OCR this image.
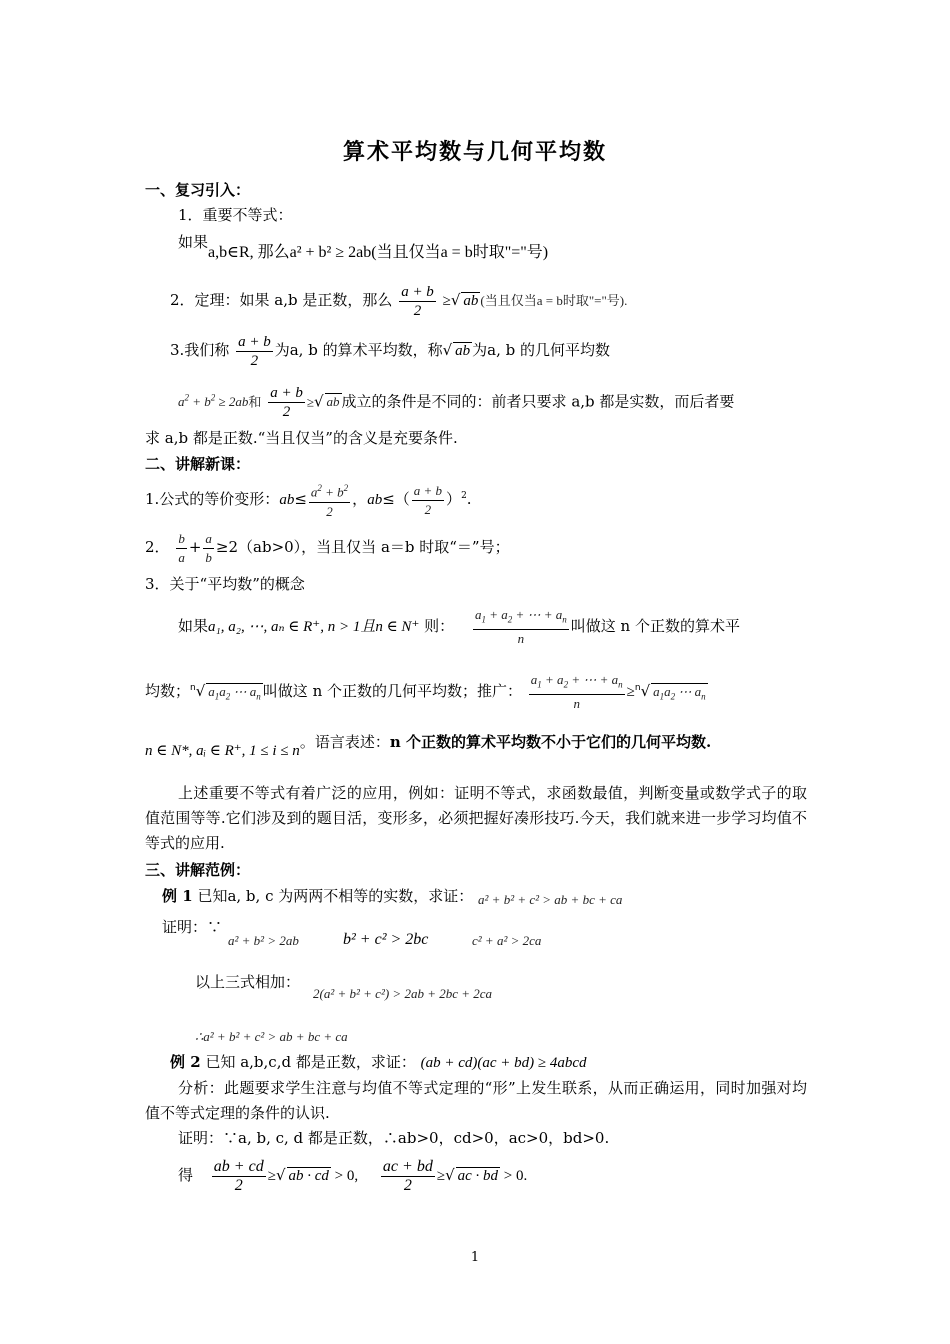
算术平均数与几何平均数
一、复习引入：
1．重要不等式：
如果a,b∈R, 那么a² + b² ≥ 2ab(当且仅当a = b时取"="号)
2．定理：如果 a,b 是正数，那么 $\frac{a + b}{2}$ ≥√ ab (当且仅当a = b时取"="号).
3.我们称 $\frac{a + b}{2}$ 为a, b 的算术平均数，称√ ab 为a, b 的几何平均数
$a^2 + b^2 \ge 2ab$和 $\frac{a + b}{2}$ ≥√ ab 成立的条件是不同的：前者只要求 a,b 都是实数，而后者要
求 a,b 都是正数.“当且仅当”的含义是充要条件.
二、讲解新课：
1.公式的等价变形：$ab\le \frac{a^2 + b^2}{2}$ ，$ab\le( \frac{a + b}{2} )^2$.
2． $\frac{b}{a} + \frac{a}{b} \ge 2(ab>0)$，当且仅当 a＝b 时取“＝”号；
3．关于“平均数”的概念
如果a₁, a₂, ⋯, aₙ ∈ R⁺, n > 1且n ∈ N⁺ 则： $\frac{a_1 + a_2 + \cdots + a_n}{n}$ 叫做这 n 个正数的算术平
均数；$^n$√ $a_1a_2$ ⋯ $a_n$ 叫做这 n 个正数的几何平均数；推广： $\frac{a_1 + a_2 + \cdots + a_n}{n} \ge^n√$ $a_1a_2$ ⋯ $a_n$
n ∈ N*, aᵢ ∈ R⁺, 1 ≤ i ≤ n。语言表述：n 个正数的算术平均数不小于它们的几何平均数.
上述重要不等式有着广泛的应用，例如：证明不等式，求函数最值，判断变量或数学式子的取值范围等等.它们涉及到的题目活，变形多，必须把握好凑形技巧.今天，我们就来进一步学习均值不等式的应用.
三、讲解范例：
例 1 已知a, b, c 为两两不相等的实数，求证： a² + b² + c² > ab + bc + ca
证明：∵
a² + b² > 2ab	b² + c² > 2bc	c² + a² > 2ca
以上三式相加：
2(a² + b² + c²) > 2ab + 2bc + 2ca
∴a² + b² + c² > ab + bc + ca
例 2 已知 a,b,c,d 都是正数，求证： (ab + cd)(ac + bd) ≥ 4abcd
分析：此题要求学生注意与均值不等式定理的“形”上发生联系，从而正确运用，同时加强对均值不等式定理的条件的认识.
证明：∵a, b, c, d 都是正数，∴ab>0，cd>0，ac>0，bd>0.
得 $\frac{ab + cd}{2}$ ≥√ ab · cd > 0, $\frac{ac + bd}{2}$ ≥√ ac · bd > 0.
1
